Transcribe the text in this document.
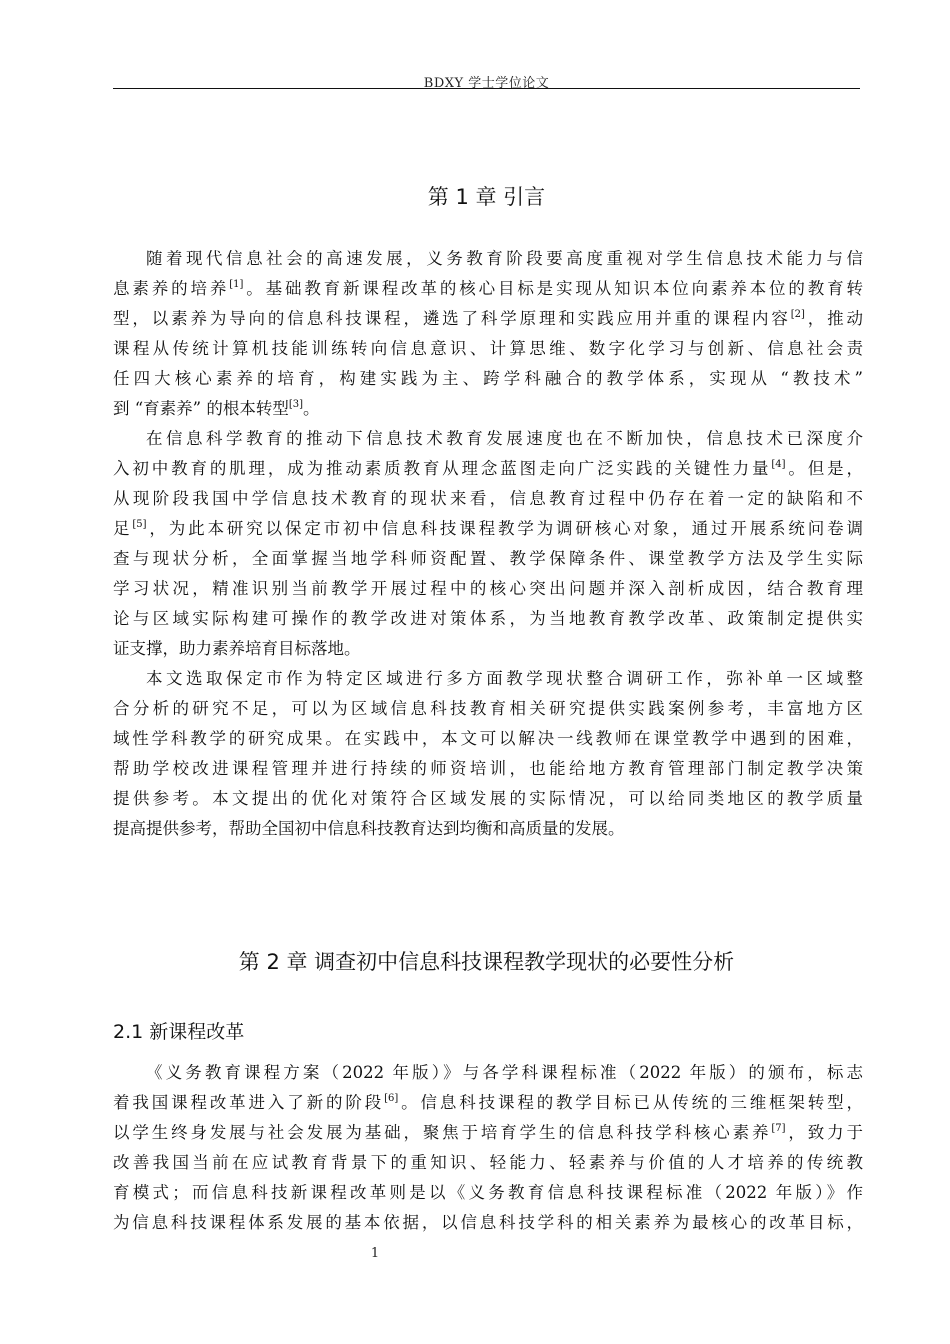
BDXY 学士学位论文
第 1 章 引言
随着现代信息社会的高速发展，义务教育阶段要高度重视对学生信息技术能力与信
息素养的培养[1]。基础教育新课程改革的核心目标是实现从知识本位向素养本位的教育转
型，以素养为导向的信息科技课程，遴选了科学原理和实践应用并重的课程内容[2]，推动
课程从传统计算机技能训练转向信息意识、计算思维、数字化学习与创新、信息社会责
任四大核心素养的培育，构建实践为主、跨学科融合的教学体系，实现从 “教技术”
到 “育素养” 的根本转型[3]。
在信息科学教育的推动下信息技术教育发展速度也在不断加快，信息技术已深度介
入初中教育的肌理，成为推动素质教育从理念蓝图走向广泛实践的关键性力量[4]。但是，
从现阶段我国中学信息技术教育的现状来看，信息教育过程中仍存在着一定的缺陷和不
足[5]，为此本研究以保定市初中信息科技课程教学为调研核心对象，通过开展系统问卷调
查与现状分析，全面掌握当地学科师资配置、教学保障条件、课堂教学方法及学生实际
学习状况，精准识别当前教学开展过程中的核心突出问题并深入剖析成因，结合教育理
论与区域实际构建可操作的教学改进对策体系，为当地教育教学改革、政策制定提供实
证支撑，助力素养培育目标落地。
本文选取保定市作为特定区域进行多方面教学现状整合调研工作，弥补单一区域整
合分析的研究不足，可以为区域信息科技教育相关研究提供实践案例参考，丰富地方区
域性学科教学的研究成果。在实践中，本文可以解决一线教师在课堂教学中遇到的困难，
帮助学校改进课程管理并进行持续的师资培训，也能给地方教育管理部门制定教学决策
提供参考。本文提出的优化对策符合区域发展的实际情况，可以给同类地区的教学质量
提高提供参考，帮助全国初中信息科技教育达到均衡和高质量的发展。
第 2 章 调查初中信息科技课程教学现状的必要性分析
2.1 新课程改革
《义务教育课程方案（2022 年版）》与各学科课程标准（2022 年版）的颁布，标志
着我国课程改革进入了新的阶段[6]。信息科技课程的教学目标已从传统的三维框架转型，
以学生终身发展与社会发展为基础，聚焦于培育学生的信息科技学科核心素养[7]，致力于
改善我国当前在应试教育背景下的重知识、轻能力、轻素养与价值的人才培养的传统教
育模式；而信息科技新课程改革则是以《义务教育信息科技课程标准（2022 年版）》作
为信息科技课程体系发展的基本依据，以信息科技学科的相关素养为最核心的改革目标，
1
